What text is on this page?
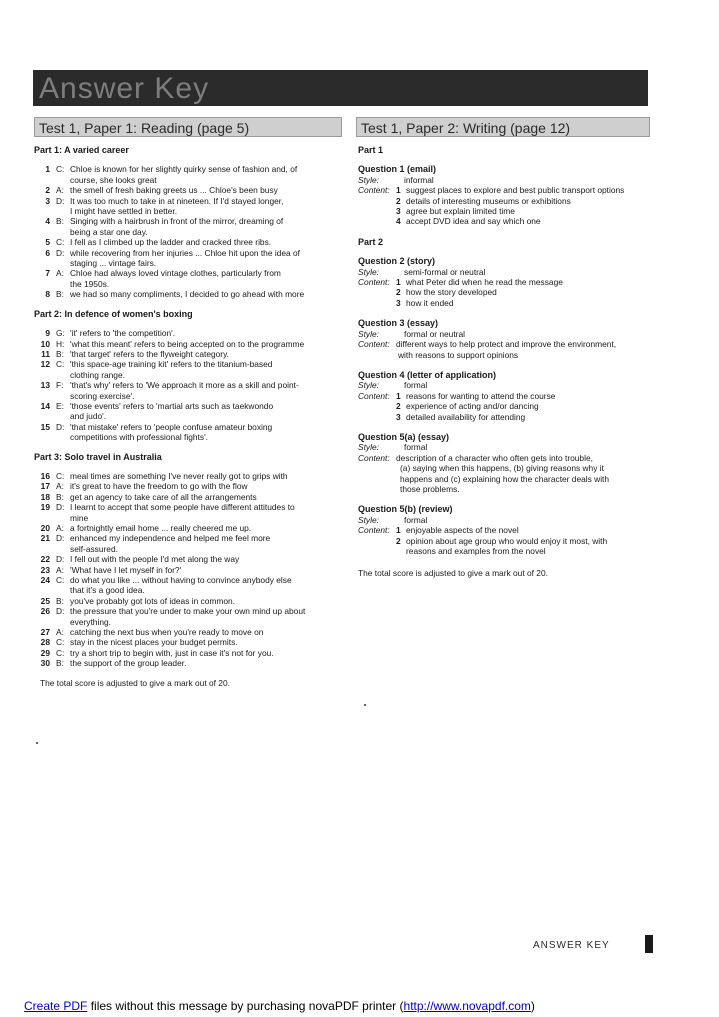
Answer Key
Test 1, Paper 1: Reading (page 5)	Test 1, Paper 2: Writing (page 12)
Part 1: A varied career
1 C: Chloe is known for her slightly quirky sense of fashion and, of
course, she looks great
2 A: the smell of fresh baking greets us ... Chloe's been busy
3 D: It was too much to take in at nineteen. If I'd stayed longer,
I might have settled in better.
4 B: Singing with a hairbrush in front of the mirror, dreaming of
being a star one day.
5 C: I fell as I climbed up the ladder and cracked three ribs.
6 D: while recovering from her injuries ... Chloe hit upon the idea of
staging ... vintage fairs.
7 A: Chloe had always loved vintage clothes, particularly from
the 1950s.
8 B: we had so many compliments, I decided to go ahead with more
Part 2: In defence of women's boxing
9 G: 'it' refers to 'the competition'.
10 H: 'what this meant' refers to being accepted on to the programme
11 B: 'that target' refers to the flyweight category.
12 C: 'this space-age training kit' refers to the titanium-based
clothing range.
13 F: 'that's why' refers to 'We approach it more as a skill and point-
scoring exercise'.
14 E: 'those events' refers to 'martial arts such as taekwondo
and judo'.
15 D: 'that mistake' refers to 'people confuse amateur boxing
competitions with professional fights'.
Part 3: Solo travel in Australia
16 C: meal times are something I've never really got to grips with
17 A: it's great to have the freedom to go with the flow
18 B: get an agency to take care of all the arrangements
19 D: I learnt to accept that some people have different attitudes to
mine
20 A: a fortnightly email home ... really cheered me up.
21 D: enhanced my independence and helped me feel more
self-assured.
22 D: I fell out with the people I'd met along the way
23 A: 'What have I let myself in for?'
24 C: do what you like ... without having to convince anybody else
that it's a good idea.
25 B: you've probably got lots of ideas in common.
26 D: the pressure that you're under to make your own mind up about
everything.
27 A: catching the next bus when you're ready to move on
28 C: stay in the nicest places your budget permits.
29 C: try a short trip to begin with, just in case it's not for you.
30 B: the support of the group leader.
The total score is adjusted to give a mark out of 20.
Part 1
Question 1 (email)
Style:	informal
Content: 1 suggest places to explore and best public transport options
2 details of interesting museums or exhibitions
3 agree but explain limited time
4 accept DVD idea and say which one
Part 2
Question 2 (story)
Style:	semi-formal or neutral
Content: 1 what Peter did when he read the message
2 how the story developed
3 how it ended
Question 3 (essay)
Style:	formal or neutral
Content: different ways to help protect and improve the environment,
with reasons to support opinions
Question 4 (letter of application)
Style:	formal
Content: 1 reasons for wanting to attend the course
2 experience of acting and/or dancing
3 detailed availability for attending
Question 5(a) (essay)
Style:	formal
Content: description of a character who often gets into trouble,
(a) saying when this happens, (b) giving reasons why it
happens and (c) explaining how the character deals with
those problems.
Question 5(b) (review)
Style:	formal
Content: 1 enjoyable aspects of the novel
2 opinion about age group who would enjoy it most, with
reasons and examples from the novel
The total score is adjusted to give a mark out of 20.
ANSWER KEY
Create PDF files without this message by purchasing novaPDF printer (http://www.novapdf.com)
